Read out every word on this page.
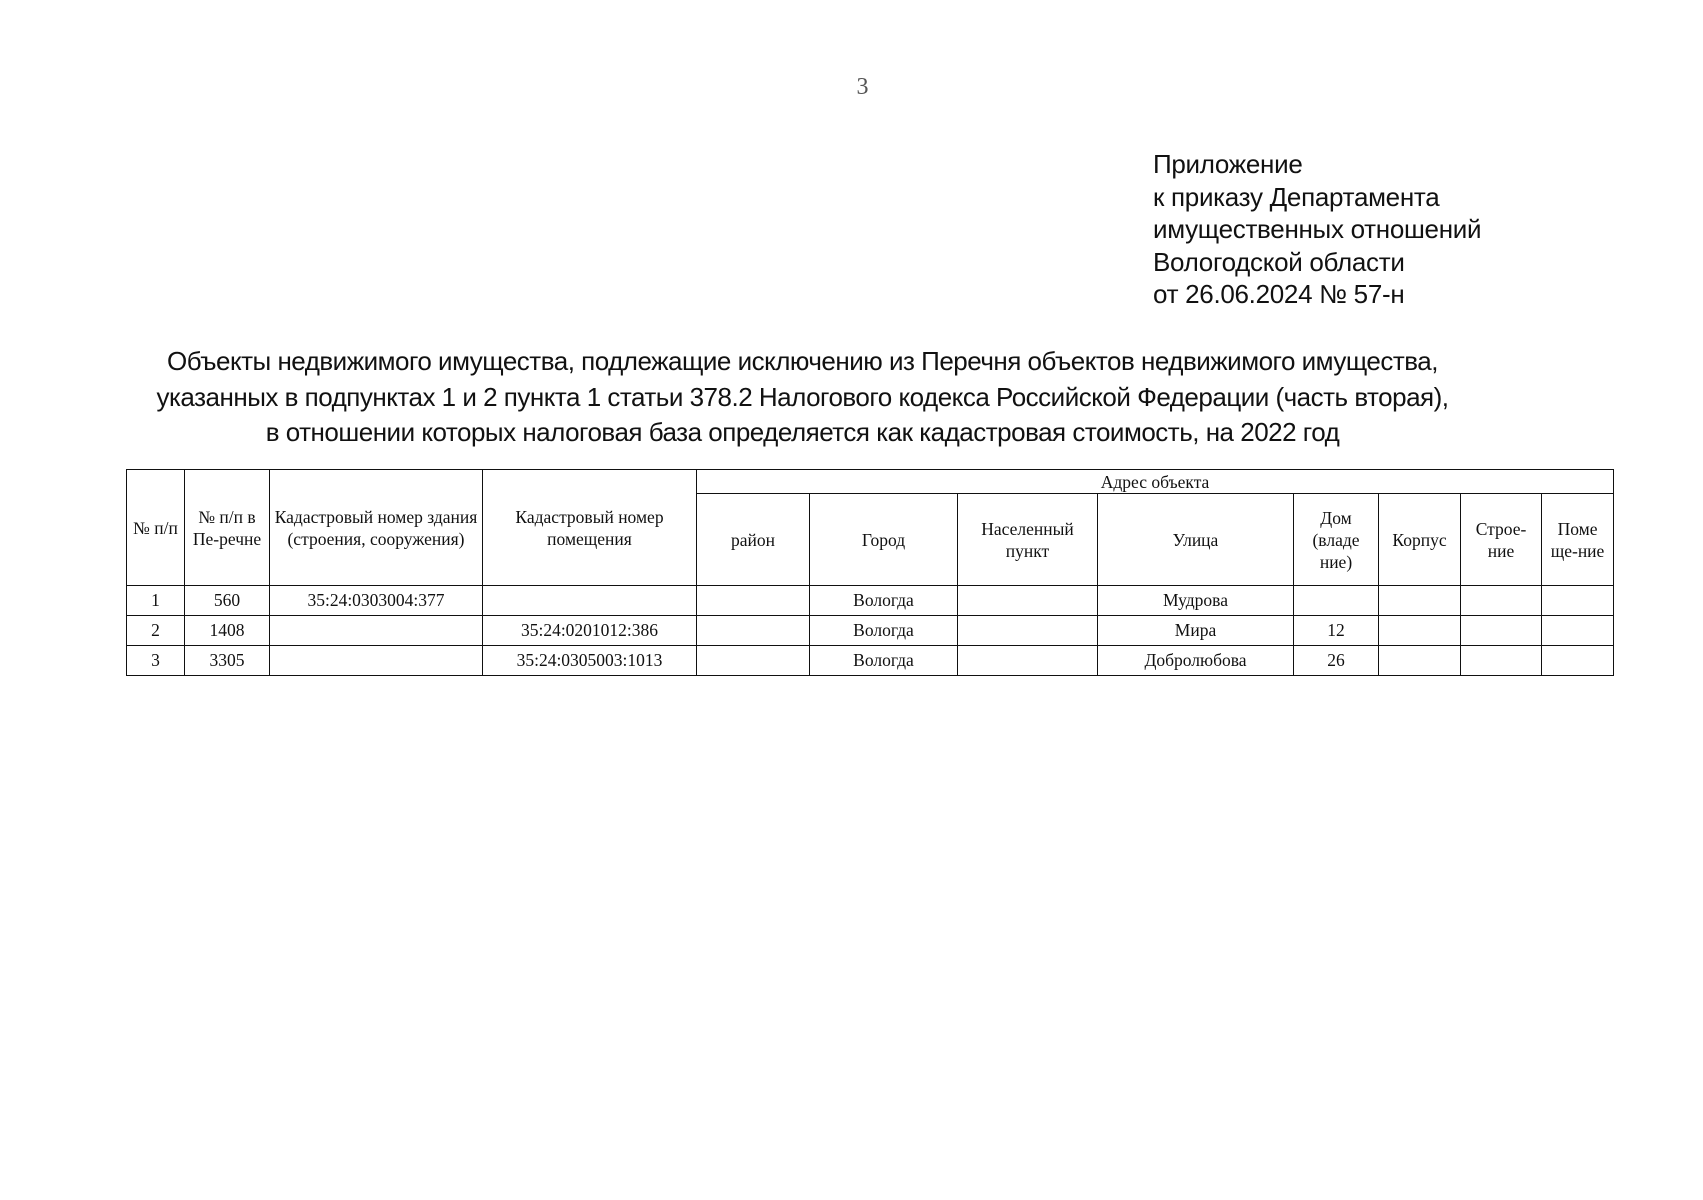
3
Приложение
к приказу Департамента
имущественных отношений
Вологодской области
от 26.06.2024 № 57-н
Объекты недвижимого имущества, подлежащие исключению из Перечня объектов недвижимого имущества,
указанных в подпунктах 1 и 2 пункта 1 статьи 378.2 Налогового кодекса Российской Федерации (часть вторая),
в отношении которых налоговая база определяется как кадастровая стоимость, на 2022 год
№ п/п	№ п/п в Пе-речне	Кадастровый номер здания (строения, сооружения)	Кадастровый номер помещения	Адрес объекта							
				район	Город	Населенный пункт	Улица	Дом (владе ние)	Корпус	Строе-ние	Поме ще-ние
1	560	35:24:0303004:377			Вологда		Мудрова				
2	1408		35:24:0201012:386		Вологда		Мира	12			
3	3305		35:24:0305003:1013		Вологда		Добролюбова	26			
